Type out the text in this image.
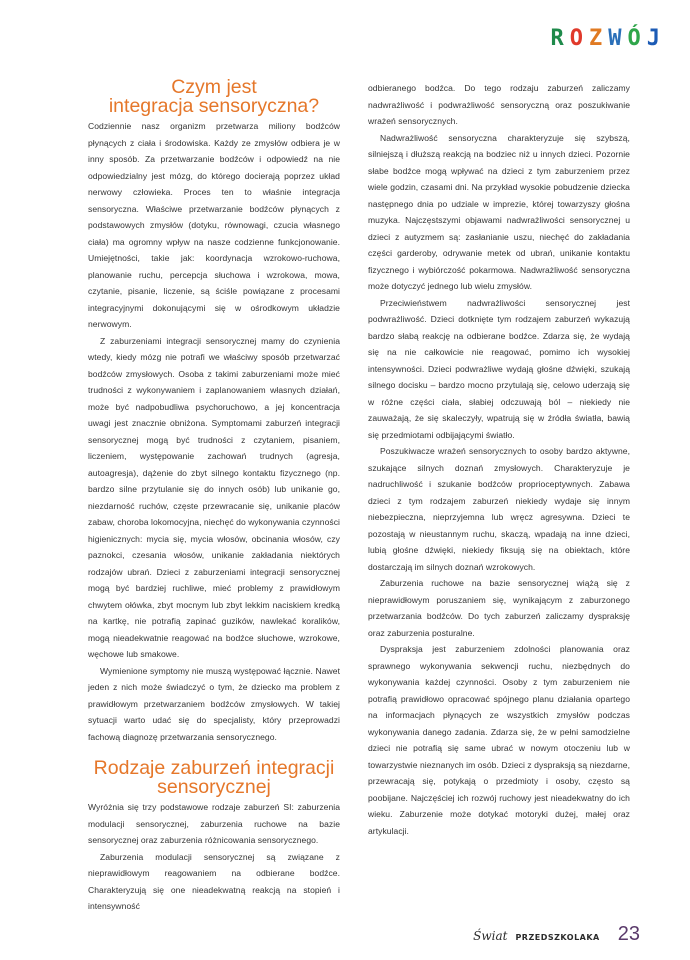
R O Z W Ó J
Czym jest
integracja sensoryczna?

Codziennie nasz organizm przetwarza miliony bodźców płynących z ciała i środowiska. Każdy ze zmysłów odbiera je w inny sposób. Za przetwarzanie bodźców i odpowiedź na nie odpowiedzialny jest mózg, do którego docierają poprzez układ nerwowy człowieka. Proces ten to właśnie integracja sensoryczna. Właściwe przetwarzanie bodźców płynących z podstawowych zmysłów (dotyku, równowagi, czucia własnego ciała) ma ogromny wpływ na nasze codzienne funkcjonowanie. Umiejętności, takie jak: koordynacja wzrokowo-ruchowa, planowanie ruchu, percepcja słuchowa i wzrokowa, mowa, czytanie, pisanie, liczenie, są ściśle powiązane z procesami integracyjnymi dokonującymi się w ośrodkowym układzie nerwowym.

Z zaburzeniami integracji sensorycznej mamy do czynienia wtedy, kiedy mózg nie potrafi we właściwy sposób przetwarzać bodźców zmysłowych. Osoba z takimi zaburzeniami może mieć trudności z wykonywaniem i zaplanowaniem własnych działań, może być nadpobudliwa psychoruchowo, a jej koncentracja uwagi jest znacznie obniżona. Symptomami zaburzeń integracji sensorycznej mogą być trudności z czytaniem, pisaniem, liczeniem, występowanie zachowań trudnych (agresja, autoagresja), dążenie do zbyt silnego kontaktu fizycznego (np. bardzo silne przytulanie się do innych osób) lub unikanie go, niezdarność ruchów, częste przewracanie się, unikanie placów zabaw, choroba lokomocyjna, niechęć do wykonywania czynności higienicznych: mycia się, mycia włosów, obcinania włosów, czy paznokci, czesania włosów, unikanie zakładania niektórych rodzajów ubrań. Dzieci z zaburzeniami integracji sensorycznej mogą być bardziej ruchliwe, mieć problemy z prawidłowym chwytem ołówka, zbyt mocnym lub zbyt lekkim naciskiem kredką na kartkę, nie potrafią zapinać guzików, nawlekać koralików, mogą nieadekwatnie reagować na bodźce słuchowe, wzrokowe, węchowe lub smakowe.

Wymienione symptomy nie muszą występować łącznie. Nawet jeden z nich może świadczyć o tym, że dziecko ma problem z prawidłowym przetwarzaniem bodźców zmysłowych. W takiej sytuacji warto udać się do specjalisty, który przeprowadzi fachową diagnozę przetwarzania sensorycznego.

Rodzaje zaburzeń integracji
sensorycznej

Wyróżnia się trzy podstawowe rodzaje zaburzeń SI: zaburzenia modulacji sensorycznej, zaburzenia ruchowe na bazie sensorycznej oraz zaburzenia różnicowania sensorycznego.

Zaburzenia modulacji sensorycznej są związane z nieprawidłowym reagowaniem na odbierane bodźce. Charakteryzują się one nieadekwatną reakcją na stopień i intensywność

odbieranego bodźca. Do tego rodzaju zaburzeń zaliczamy nadwrażliwość i podwrażliwość sensoryczną oraz poszukiwanie wrażeń sensorycznych.

Nadwrażliwość sensoryczna charakteryzuje się szybszą, silniejszą i dłuższą reakcją na bodziec niż u innych dzieci. Pozornie słabe bodźce mogą wpływać na dzieci z tym zaburzeniem przez wiele godzin, czasami dni. Na przykład wysokie pobudzenie dziecka następnego dnia po udziale w imprezie, której towarzyszy głośna muzyka. Najczęstszymi objawami nadwrażliwości sensorycznej u dzieci z autyzmem są: zasłanianie uszu, niechęć do zakładania części garderoby, odrywanie metek od ubrań, unikanie kontaktu fizycznego i wybiórczość pokarmowa. Nadwrażliwość sensoryczna może dotyczyć jednego lub wielu zmysłów.

Przeciwieństwem nadwrażliwości sensorycznej jest podwrażliwość. Dzieci dotknięte tym rodzajem zaburzeń wykazują bardzo słabą reakcję na odbierane bodźce. Zdarza się, że wydają się na nie całkowicie nie reagować, pomimo ich wysokiej intensywności. Dzieci podwrażliwe wydają głośne dźwięki, szukają silnego docisku – bardzo mocno przytulają się, celowo uderzają się w różne części ciała, słabiej odczuwają ból – niekiedy nie zauważają, że się skaleczyły, wpatrują się w źródła światła, bawią się przedmiotami odbijającymi światło.

Poszukiwacze wrażeń sensorycznych to osoby bardzo aktywne, szukające silnych doznań zmysłowych. Charakteryzuje je nadruchliwość i szukanie bodźców proprioceptywnych. Zabawa dzieci z tym rodzajem zaburzeń niekiedy wydaje się innym niebezpieczna, nieprzyjemna lub wręcz agresywna. Dzieci te pozostają w nieustannym ruchu, skaczą, wpadają na inne dzieci, lubią głośne dźwięki, niekiedy fiksują się na obiektach, które dostarczają im silnych doznań wzrokowych.

Zaburzenia ruchowe na bazie sensorycznej wiążą się z nieprawidłowym poruszaniem się, wynikającym z zaburzonego przetwarzania bodźców. Do tych zaburzeń zaliczamy dyspraksję oraz zaburzenia posturalne.

Dyspraksja jest zaburzeniem zdolności planowania oraz sprawnego wykonywania sekwencji ruchu, niezbędnych do wykonywania każdej czynności. Osoby z tym zaburzeniem nie potrafią prawidłowo opracować spójnego planu działania opartego na informacjach płynących ze wszystkich zmysłów podczas wykonywania danego zadania. Zdarza się, że w pełni samodzielne dzieci nie potrafią się same ubrać w nowym otoczeniu lub w towarzystwie nieznanych im osób. Dzieci z dyspraksją są niezdarne, przewracają się, potykają o przedmioty i osoby, często są poobijane. Najczęściej ich rozwój ruchowy jest nieadekwatny do ich wieku. Zaburzenie może dotykać motoryki dużej, małej oraz artykulacji.

Świat PRZEDSZKOLAKA 23
